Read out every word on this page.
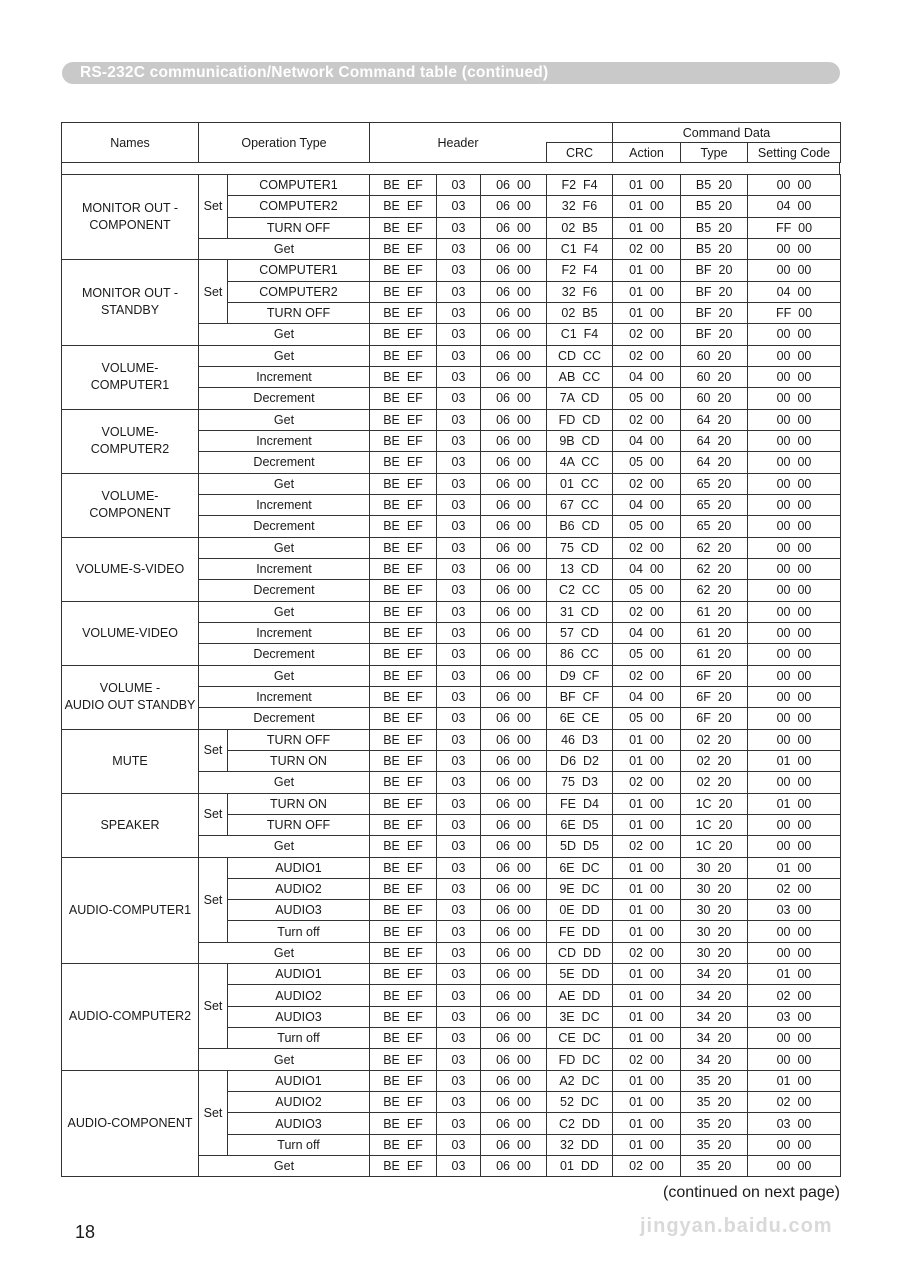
RS-232C communication/Network Command table (continued)
Names	Operation Type	Header		Command Data		
			CRC	Action	Type	Setting Code
MONITOR OUT -
COMPONENT	Set	COMPUTER1	BE  EF	03	06  00	F2  F4	01  00	B5  20	00  00
		COMPUTER2	BE  EF	03	06  00	32  F6	01  00	B5  20	04  00
		TURN OFF	BE  EF	03	06  00	02  B5	01  00	B5  20	FF  00
	Get		BE  EF	03	06  00	C1  F4	02  00	B5  20	00  00
MONITOR OUT -
STANDBY	Set	COMPUTER1	BE  EF	03	06  00	F2  F4	01  00	BF  20	00  00
		COMPUTER2	BE  EF	03	06  00	32  F6	01  00	BF  20	04  00
		TURN OFF	BE  EF	03	06  00	02  B5	01  00	BF  20	FF  00
	Get		BE  EF	03	06  00	C1  F4	02  00	BF  20	00  00
VOLUME-
COMPUTER1	Get		BE  EF	03	06  00	CD  CC	02  00	60  20	00  00
	Increment		BE  EF	03	06  00	AB  CC	04  00	60  20	00  00
	Decrement		BE  EF	03	06  00	7A  CD	05  00	60  20	00  00
VOLUME-
COMPUTER2	Get		BE  EF	03	06  00	FD  CD	02  00	64  20	00  00
	Increment		BE  EF	03	06  00	9B  CD	04  00	64  20	00  00
	Decrement		BE  EF	03	06  00	4A  CC	05  00	64  20	00  00
VOLUME-
COMPONENT	Get		BE  EF	03	06  00	01  CC	02  00	65  20	00  00
	Increment		BE  EF	03	06  00	67  CC	04  00	65  20	00  00
	Decrement		BE  EF	03	06  00	B6  CD	05  00	65  20	00  00
VOLUME-S-VIDEO	Get		BE  EF	03	06  00	75  CD	02  00	62  20	00  00
	Increment		BE  EF	03	06  00	13  CD	04  00	62  20	00  00
	Decrement		BE  EF	03	06  00	C2  CC	05  00	62  20	00  00
VOLUME-VIDEO	Get		BE  EF	03	06  00	31  CD	02  00	61  20	00  00
	Increment		BE  EF	03	06  00	57  CD	04  00	61  20	00  00
	Decrement		BE  EF	03	06  00	86  CC	05  00	61  20	00  00
VOLUME -
AUDIO OUT STANDBY	Get		BE  EF	03	06  00	D9  CF	02  00	6F  20	00  00
	Increment		BE  EF	03	06  00	BF  CF	04  00	6F  20	00  00
	Decrement		BE  EF	03	06  00	6E  CE	05  00	6F  20	00  00
MUTE	Set	TURN OFF	BE  EF	03	06  00	46  D3	01  00	02  20	00  00
		TURN ON	BE  EF	03	06  00	D6  D2	01  00	02  20	01  00
	Get		BE  EF	03	06  00	75  D3	02  00	02  20	00  00
SPEAKER	Set	TURN ON	BE  EF	03	06  00	FE  D4	01  00	1C  20	01  00
		TURN OFF	BE  EF	03	06  00	6E  D5	01  00	1C  20	00  00
	Get		BE  EF	03	06  00	5D  D5	02  00	1C  20	00  00
AUDIO-COMPUTER1	Set	AUDIO1	BE  EF	03	06  00	6E  DC	01  00	30  20	01  00
		AUDIO2	BE  EF	03	06  00	9E  DC	01  00	30  20	02  00
		AUDIO3	BE  EF	03	06  00	0E  DD	01  00	30  20	03  00
		Turn off	BE  EF	03	06  00	FE  DD	01  00	30  20	00  00
	Get		BE  EF	03	06  00	CD  DD	02  00	30  20	00  00
AUDIO-COMPUTER2	Set	AUDIO1	BE  EF	03	06  00	5E  DD	01  00	34  20	01  00
		AUDIO2	BE  EF	03	06  00	AE  DD	01  00	34  20	02  00
		AUDIO3	BE  EF	03	06  00	3E  DC	01  00	34  20	03  00
		Turn off	BE  EF	03	06  00	CE  DC	01  00	34  20	00  00
	Get		BE  EF	03	06  00	FD  DC	02  00	34  20	00  00
AUDIO-COMPONENT	Set	AUDIO1	BE  EF	03	06  00	A2  DC	01  00	35  20	01  00
		AUDIO2	BE  EF	03	06  00	52  DC	01  00	35  20	02  00
		AUDIO3	BE  EF	03	06  00	C2  DD	01  00	35  20	03  00
		Turn off	BE  EF	03	06  00	32  DD	01  00	35  20	00  00
	Get		BE  EF	03	06  00	01  DD	02  00	35  20	00  00
(continued on next page)
18	jingyan.baidu.com
